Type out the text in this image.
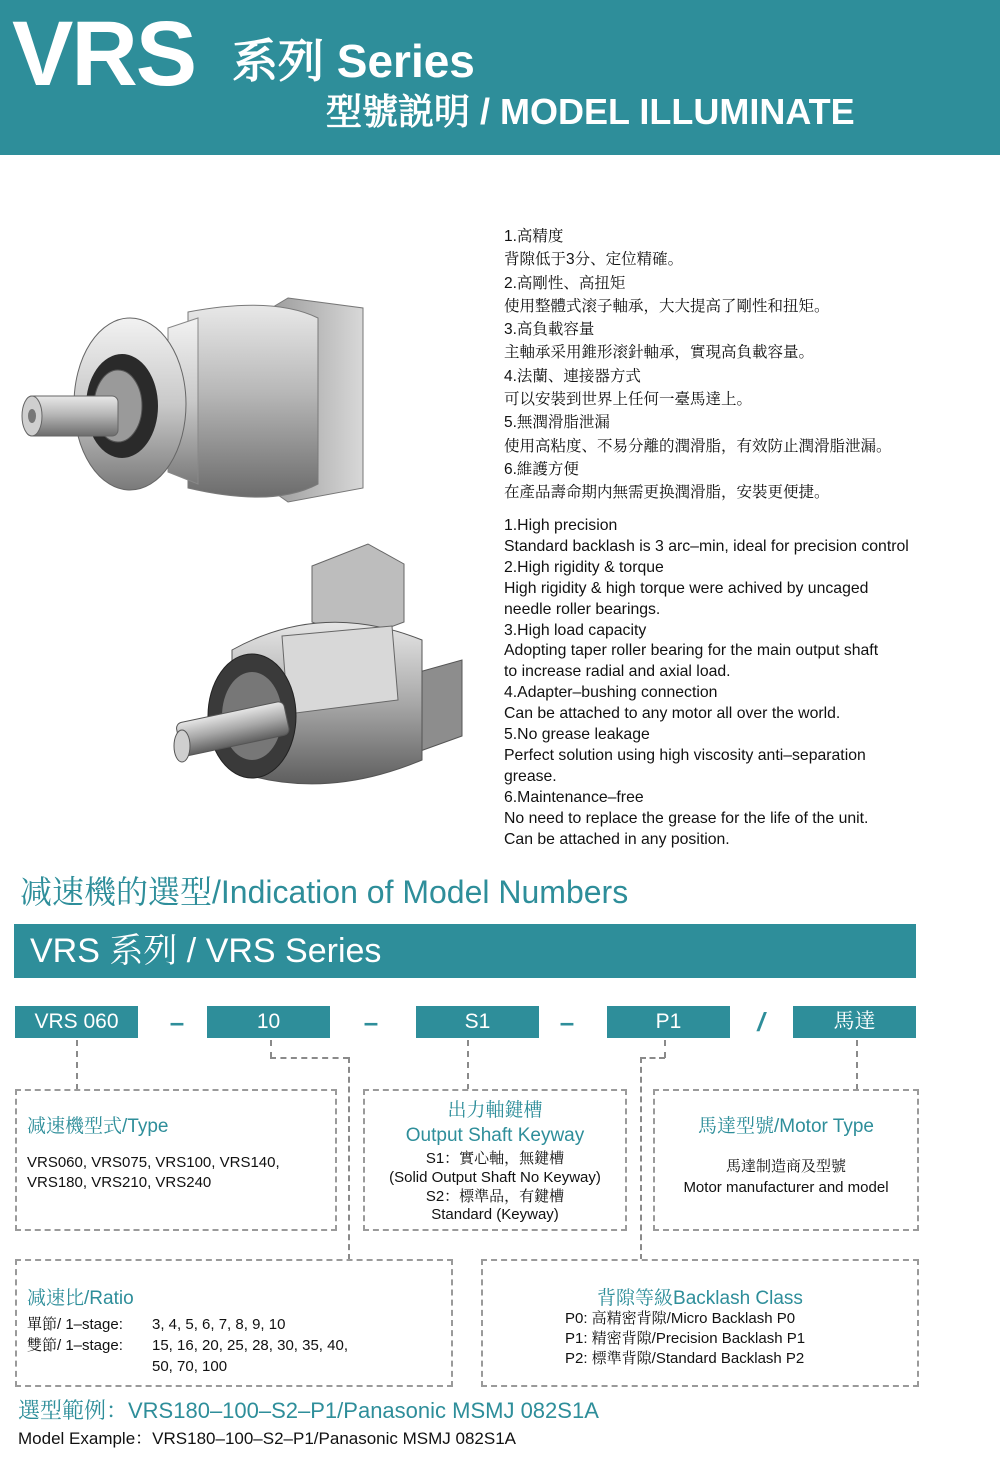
VRS 系列 Series
型號説明 / MODEL ILLUMINATE
1.高精度
背隙低于3分、定位精確。
2.高剛性、高扭矩
使用整體式滚子軸承，大大提高了剛性和扭矩。
3.高負載容量
主軸承采用錐形滚針軸承，實現高負載容量。
4.法蘭、連接器方式
可以安裝到世界上任何一臺馬達上。
5.無潤滑脂泄漏
使用高粘度、不易分離的潤滑脂，有效防止潤滑脂泄漏。
6.維護方便
在產品壽命期内無需更换潤滑脂，安裝更便捷。
1.High precision
Standard backlash is 3 arc–min, ideal for precision control
2.High rigidity & torque
High rigidity & high torque were achived by uncaged
needle roller bearings.
3.High load capacity
Adopting taper roller bearing for the main output shaft
to increase radial and axial load.
4.Adapter–bushing connection
Can be attached to any motor all over the world.
5.No grease leakage
Perfect solution using high viscosity anti–separation
grease.
6.Maintenance–free
No need to replace the grease for the life of the unit.
Can be attached in any position.
减速機的選型/Indication of Model Numbers
VRS 系列 / VRS Series
VRS 060	–	10	–	S1	–	P1	/	馬達
减速機型式/Type
VRS060, VRS075, VRS100, VRS140,
VRS180, VRS210, VRS240
出力軸鍵槽
Output Shaft Keyway
S1：實心軸，無鍵槽
(Solid Output Shaft No Keyway)
S2：標準品，有鍵槽
Standard (Keyway)
馬達型號/Motor Type
馬達制造商及型號
Motor manufacturer and model
减速比/Ratio
單節/ 1–stage:	3, 4, 5, 6, 7, 8, 9, 10
雙節/ 1–stage:	15, 16, 20, 25, 28, 30, 35, 40,
50, 70, 100
背隙等級Backlash Class
P0: 高精密背隙/Micro Backlash P0
P1: 精密背隙/Precision Backlash P1
P2: 標準背隙/Standard Backlash P2
選型範例：VRS180–100–S2–P1/Panasonic MSMJ 082S1A
Model Example：VRS180–100–S2–P1/Panasonic MSMJ 082S1A
